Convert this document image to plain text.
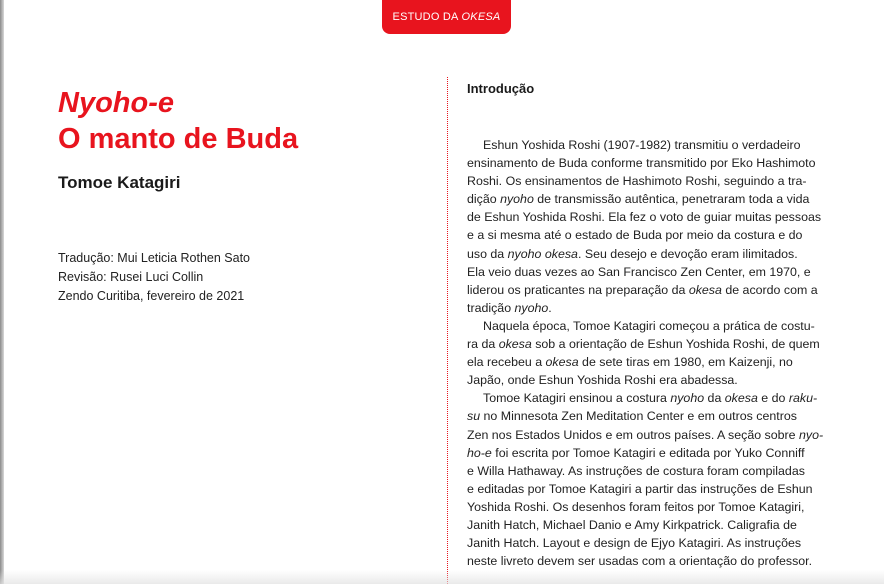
ESTUDO DA OKESA
Nyoho-e
O manto de Buda
Tomoe Katagiri
Tradução: Mui Leticia Rothen Sato
Revisão: Rusei Luci Collin
Zendo Curitiba, fevereiro de 2021
Introdução
Eshun Yoshida Roshi (1907-1982) transmitiu o verdadeiro
ensinamento de Buda conforme transmitido por Eko Hashimoto
Roshi. Os ensinamentos de Hashimoto Roshi, seguindo a tra-
dição nyoho de transmissão autêntica, penetraram toda a vida
de Eshun Yoshida Roshi. Ela fez o voto de guiar muitas pessoas
e a si mesma até o estado de Buda por meio da costura e do
uso da nyoho okesa. Seu desejo e devoção eram ilimitados.
Ela veio duas vezes ao San Francisco Zen Center, em 1970, e
liderou os praticantes na preparação da okesa de acordo com a
tradição nyoho.
Naquela época, Tomoe Katagiri começou a prática de costu-
ra da okesa sob a orientação de Eshun Yoshida Roshi, de quem
ela recebeu a okesa de sete tiras em 1980, em Kaizenji, no
Japão, onde Eshun Yoshida Roshi era abadessa.
Tomoe Katagiri ensinou a costura nyoho da okesa e do raku-
su no Minnesota Zen Meditation Center e em outros centros
Zen nos Estados Unidos e em outros países. A seção sobre nyo-
ho-e foi escrita por Tomoe Katagiri e editada por Yuko Conniff
e Willa Hathaway. As instruções de costura foram compiladas
e editadas por Tomoe Katagiri a partir das instruções de Eshun
Yoshida Roshi. Os desenhos foram feitos por Tomoe Katagiri,
Janith Hatch, Michael Danio e Amy Kirkpatrick. Caligrafia de
Janith Hatch. Layout e design de Ejyo Katagiri. As instruções
neste livreto devem ser usadas com a orientação do professor.
